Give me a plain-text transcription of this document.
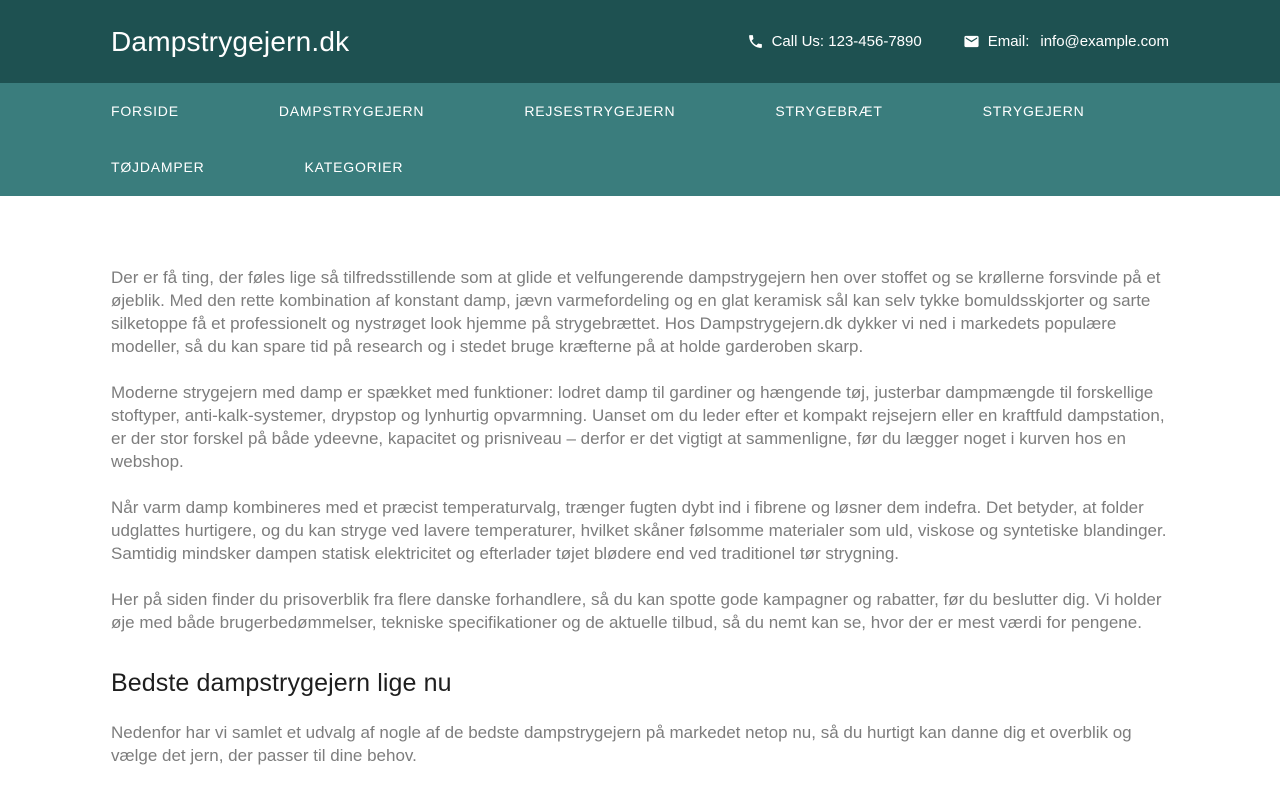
Dampstrygejern.dk	Call Us: 123-456-7890	Email: info@example.com
FORSIDE	DAMPSTRYGEJERN	REJSESTRYGEJERN	STRYGEBRÆT	STRYGEJERN
TØJDAMPER	KATEGORIER

Der er få ting, der føles lige så tilfredsstillende som at glide et velfungerende dampstrygejern hen over stoffet og se krøllerne forsvinde på et øjeblik. Med den rette kombination af konstant damp, jævn varmefordeling og en glat keramisk sål kan selv tykke bomuldsskjorter og sarte silketoppe få et professionelt og nystrøget look hjemme på strygebrættet. Hos Dampstrygejern.dk dykker vi ned i markedets populære modeller, så du kan spare tid på research og i stedet bruge kræfterne på at holde garderoben skarp.

Moderne strygejern med damp er spækket med funktioner: lodret damp til gardiner og hængende tøj, justerbar dampmængde til forskellige stoftyper, anti-kalk-systemer, drypstop og lynhurtig opvarmning. Uanset om du leder efter et kompakt rejsejern eller en kraftfuld dampstation, er der stor forskel på både ydeevne, kapacitet og prisniveau – derfor er det vigtigt at sammenligne, før du lægger noget i kurven hos en webshop.

Når varm damp kombineres med et præcist temperaturvalg, trænger fugten dybt ind i fibrene og løsner dem indefra. Det betyder, at folder udglattes hurtigere, og du kan stryge ved lavere temperaturer, hvilket skåner følsomme materialer som uld, viskose og syntetiske blandinger. Samtidig mindsker dampen statisk elektricitet og efterlader tøjet blødere end ved traditionel tør strygning.

Her på siden finder du prisoverblik fra flere danske forhandlere, så du kan spotte gode kampagner og rabatter, før du beslutter dig. Vi holder øje med både brugerbedømmelser, tekniske specifikationer og de aktuelle tilbud, så du nemt kan se, hvor der er mest værdi for pengene.

Bedste dampstrygejern lige nu

Nedenfor har vi samlet et udvalg af nogle af de bedste dampstrygejern på markedet netop nu, så du hurtigt kan danne dig et overblik og vælge det jern, der passer til dine behov.
